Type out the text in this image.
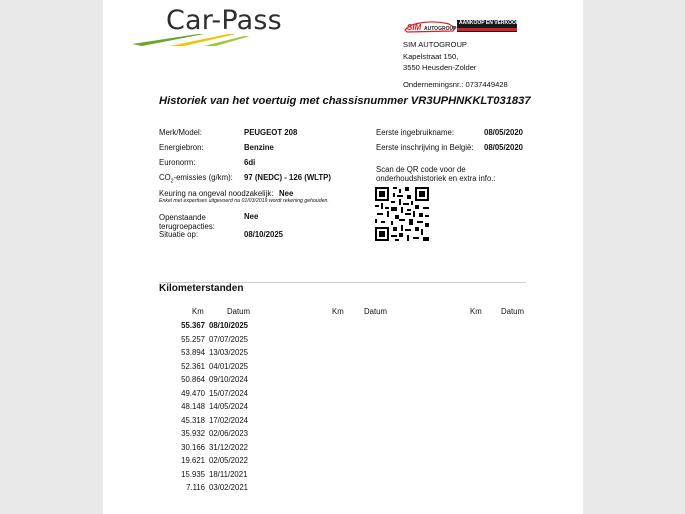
Car-Pass	SIM AUTOGROUP
AANKOOP EN VERKOOP
SIM AUTOGROUP
Kapelstraat 150,
3550 Heusden-Zolder
Ondernemingsnr.: 0737449428
Historiek van het voertuig met chassisnummer VR3UPHNKKLT031837
Merk/Model:	PEUGEOT 208
Energiebron:	Benzine
Euronorm:	6di
$CO_2$-emissies (g/km): 97 (NEDC) - 126 (WLTP)
Keuring na ongeval noodzakelijk: Nee
Enkel met expertises uitgevoerd na 01/03/2019 wordt rekening gehouden.
Openstaande
terugroepacties:
Nee
Situatie op:	08/10/2025
Eerste ingebruikname:	08/05/2020
Eerste inschrijving in België: 08/05/2020
Scan de QR code voor de
onderhoudshistoriek en extra info.:
Kilometerstanden
Km	Datum	Km	Datum	Km Datum
55.367 08/10/2025
55.257 07/07/2025
53.894 13/03/2025
52.361 04/01/2025
50.864 09/10/2024
49.470 15/07/2024
48.148 14/05/2024
45.318 17/02/2024
35.932 02/06/2023
30.166 31/12/2022
19.621 02/05/2022
15.935 18/11/2021
7.116 03/02/2021
